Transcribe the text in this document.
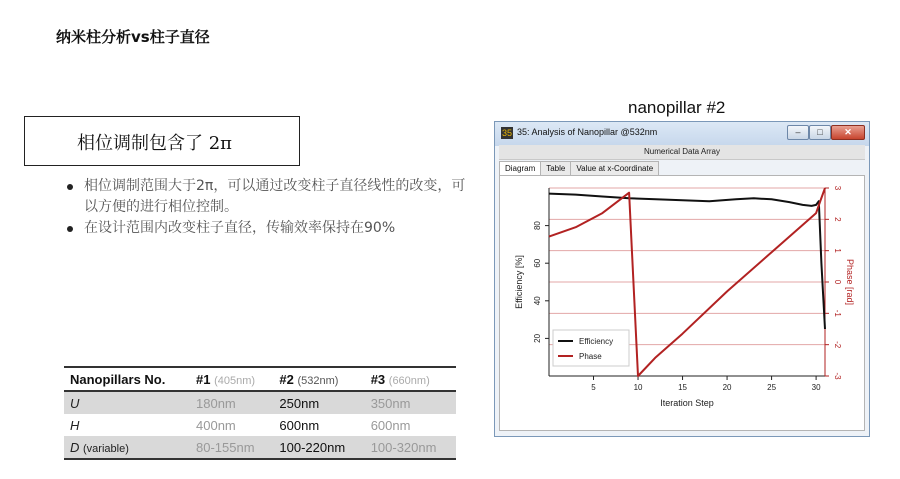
纳米柱分析vs柱子直径
相位调制包含了 2π
相位调制范围大于2π，可以通过改变柱子直径线性的改变，可以方便的进行相位控制。
在设计范围内改变柱子直径，传输效率保持在90%
Nanopillars No.	#1 (405nm)	#2 (532nm)	#3 (660nm)
U	180nm	250nm	350nm
H	400nm	600nm	600nm
D (variable)	80-155nm	100-220nm	100-320nm
nanopillar #2
35 35: Analysis of Nanopillar @532nm	–	□	✕
Numerical Data Array
Diagram	Table	Value at x-Coordinate
5	10	15	20	25	30
20
40
60
80
3
2
1
0
-1
-2
-3
Iteration Step
Efficiency [%]	Phase [rad]
Efficiency
Phase
